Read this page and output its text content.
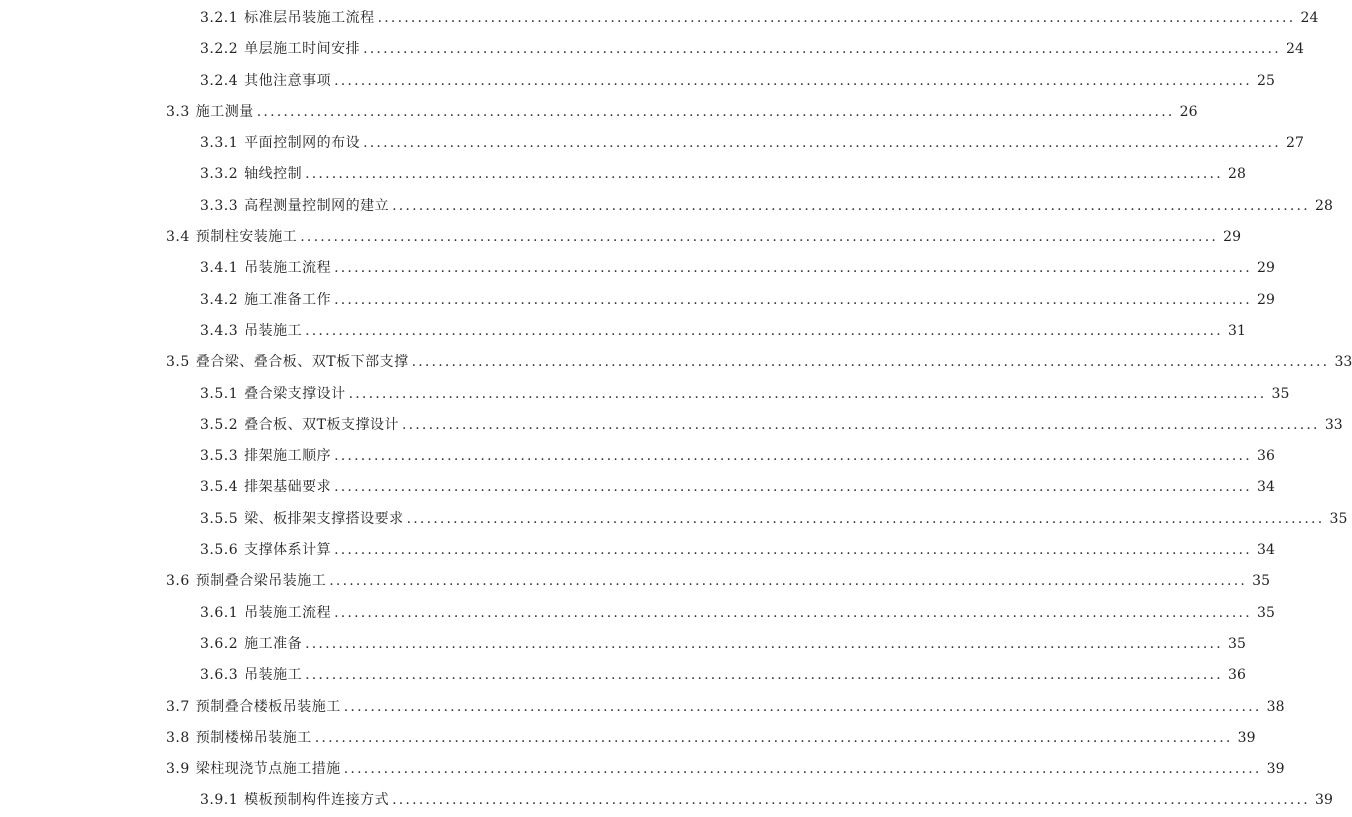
3.2.1 标准层吊装施工流程 .......................................................................................................................................... 24
3.2.2 单层施工时间安排 .......................................................................................................................................... 24
3.2.4 其他注意事项 .......................................................................................................................................... 25
3.3 施工测量 .......................................................................................................................................... 26
3.3.1 平面控制网的布设 .......................................................................................................................................... 27
3.3.2 轴线控制 .......................................................................................................................................... 28
3.3.3 高程测量控制网的建立 .......................................................................................................................................... 28
3.4 预制柱安装施工 .......................................................................................................................................... 29
3.4.1 吊装施工流程 .......................................................................................................................................... 29
3.4.2 施工准备工作 .......................................................................................................................................... 29
3.4.3 吊装施工 .......................................................................................................................................... 31
3.5 叠合梁、叠合板、双T板下部支撑 .......................................................................................................................................... 33
3.5.1 叠合梁支撑设计 .......................................................................................................................................... 35
3.5.2 叠合板、双T板支撑设计 .......................................................................................................................................... 33
3.5.3 排架施工顺序 .......................................................................................................................................... 36
3.5.4 排架基础要求 .......................................................................................................................................... 34
3.5.5 梁、板排架支撑搭设要求 .......................................................................................................................................... 35
3.5.6 支撑体系计算 .......................................................................................................................................... 34
3.6 预制叠合梁吊装施工 .......................................................................................................................................... 35
3.6.1 吊装施工流程 .......................................................................................................................................... 35
3.6.2 施工准备 .......................................................................................................................................... 35
3.6.3 吊装施工 .......................................................................................................................................... 36
3.7 预制叠合楼板吊装施工 .......................................................................................................................................... 38
3.8 预制楼梯吊装施工 .......................................................................................................................................... 39
3.9 梁柱现浇节点施工措施 .......................................................................................................................................... 39
3.9.1 模板预制构件连接方式 .......................................................................................................................................... 39
